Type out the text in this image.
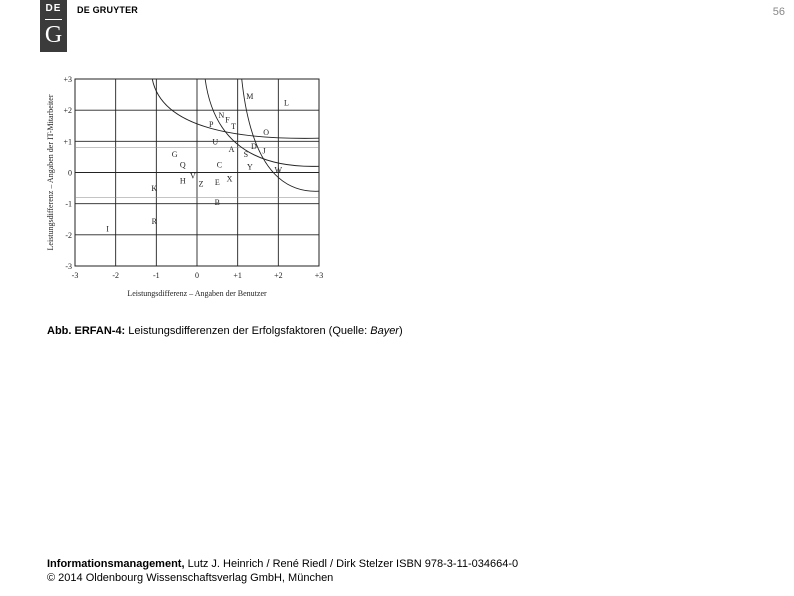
DE
G
DE GRUYTER	56
-3	-2	-1	0	+1	+2	+3
+3
+2
+1
0
-1
-2
-3
M
L
N
F
T
P
O
U
D
J
A
S
G
Q	C	Y	W
V
H Z E X
K
B
R
I
Leistungsdifferenz – Angaben der Benutzer
Leistungsdifferenz – Angaben der IT-Mitarbeiter
Abb. ERFAN-4: Leistungsdifferenzen der Erfolgsfaktoren (Quelle: Bayer)
Informationsmanagement, Lutz J. Heinrich / René Riedl / Dirk Stelzer ISBN 978-3-11-034664-0
© 2014 Oldenbourg Wissenschaftsverlag GmbH, München
